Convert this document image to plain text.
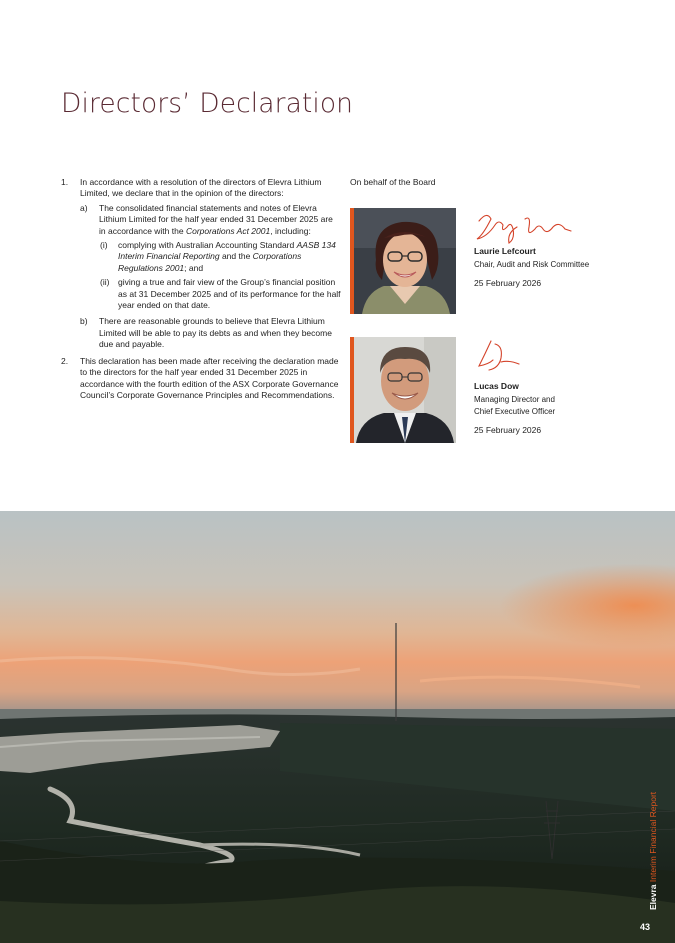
Directors’ Declaration
1. In accordance with a resolution of the directors of Elevra Lithium Limited, we declare that in the opinion of the directors:
a) The consolidated financial statements and notes of Elevra Lithium Limited for the half year ended 31 December 2025 are in accordance with the Corporations Act 2001, including:
(i) complying with Australian Accounting Standard AASB 134 Interim Financial Reporting and the Corporations Regulations 2001; and
(ii) giving a true and fair view of the Group’s financial position as at 31 December 2025 and of its performance for the half year ended on that date.
b) There are reasonable grounds to believe that Elevra Lithium Limited will be able to pay its debts as and when they become due and payable.
2. This declaration has been made after receiving the declaration made to the directors for the half year ended 31 December 2025 in accordance with the fourth edition of the ASX Corporate Governance Council’s Corporate Governance Principles and Recommendations.
On behalf of the Board
Laurie Lefcourt
Chair, Audit and Risk Committee
25 February 2026
Lucas Dow
Managing Director and Chief Executive Officer
25 February 2026
Elevra Interim Financial Report
43
